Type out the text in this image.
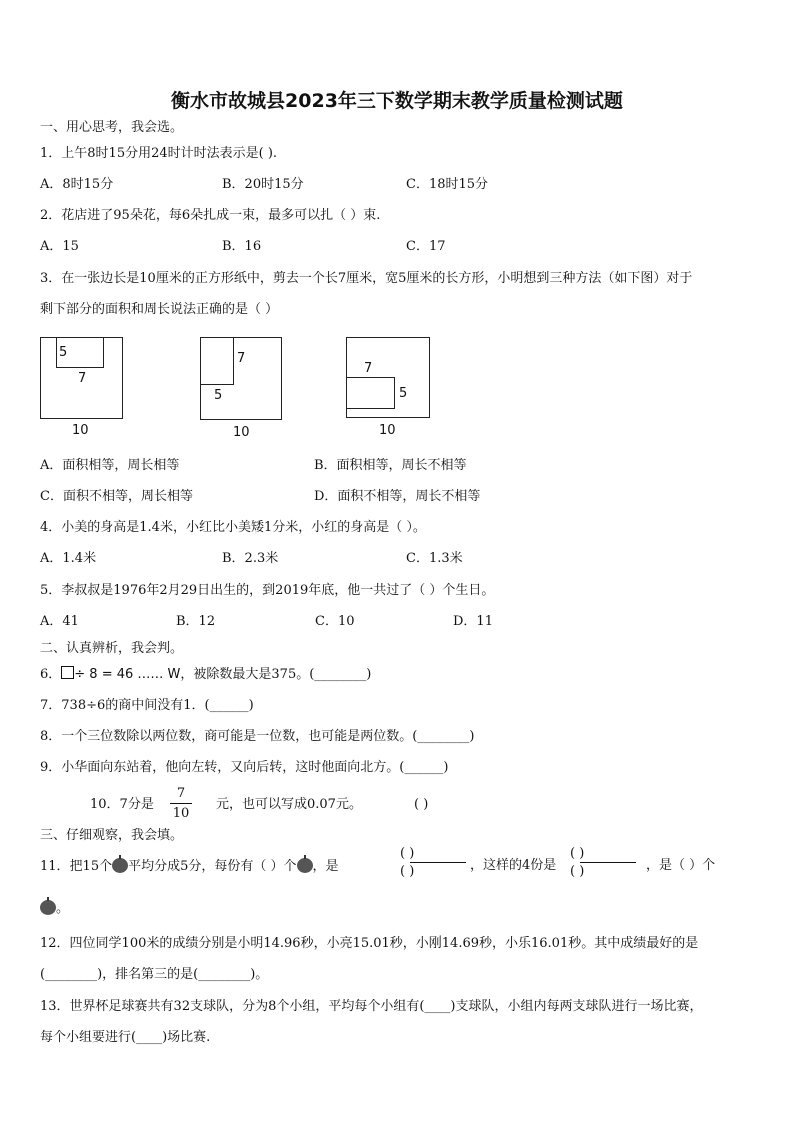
衡水市故城县2023年三下数学期末教学质量检测试题
一、用心思考，我会选。
1．上午8时15分用24时计时法表示是( ).
A．8时15分	B．20时15分	C．18时15分
2．花店进了95朵花，每6朵扎成一束，最多可以扎（ ）束.
A．15	B．16	C．17
3．在一张边长是10厘米的正方形纸中，剪去一个长7厘米，宽5厘米的长方形，小明想到三种方法（如下图）对于
剩下部分的面积和周长说法正确的是（ ）
5
7
10
7
5
10
7
5
10
A．面积相等，周长相等	B．面积相等，周长不相等
C．面积不相等，周长相等	D．面积不相等，周长不相等
4．小美的身高是1.4米，小红比小美矮1分米，小红的身高是（ ）。
A．1.4米	B．2.3米	C．1.3米
5．李叔叔是1976年2月29日出生的，到2019年底，他一共过了（ ）个生日。
A．41	B．12	C．10	D．11
二、认真辨析，我会判。
6． ÷ 8 = 46 …… W，被除数最大是375。(________)
7．738÷6的商中间没有1．(______)
8．一个三位数除以两位数，商可能是一位数，也可能是两位数。(________)
9．小华面向东站着，他向左转，又向后转，这时他面向北方。(______)
10．7分是
7
10
元，也可以写成0.07元。	( )
三、仔细观察，我会填。
11．把15个 平均分成5分，每份有（ ）个 ，是
( )
( )	，这样的4份是
( )
( )	，是（ ）个
。
12．四位同学100米的成绩分别是小明14.96秒，小亮15.01秒，小刚14.69秒，小乐16.01秒。其中成绩最好的是
(________)，排名第三的是(________)。
13．世界杯足球赛共有32支球队，分为8个小组，平均每个小组有(____)支球队，小组内每两支球队进行一场比赛，
每个小组要进行(____)场比赛.
